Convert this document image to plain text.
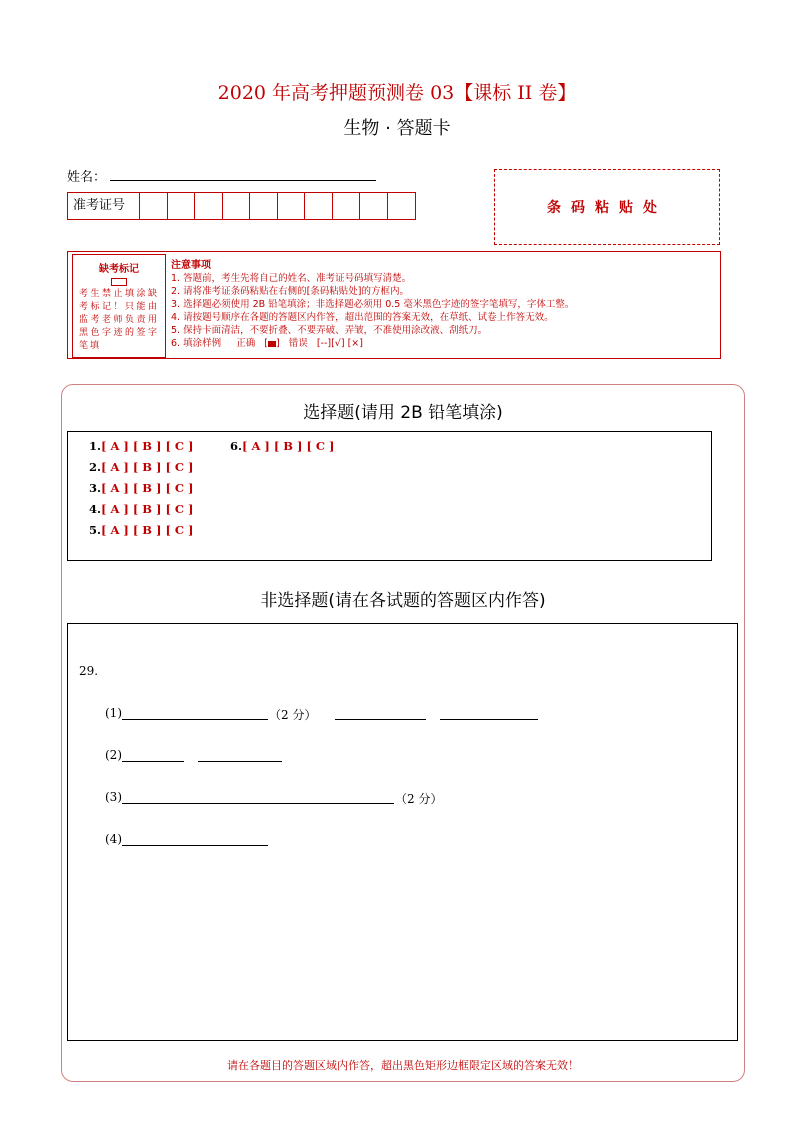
2020 年高考押题预测卷 03【课标 II 卷】
生物 · 答题卡
姓名：
准考证号	条码粘贴处
缺考标记
考生禁止填涂缺考标记！只能由监考老师负责用黑色字迹的签字笔填
注意事项
1. 答题前，考生先将自己的姓名、准考证号码填写清楚。
2. 请将准考证条码粘贴在右侧的[条码粘贴处]的方框内。
3. 选择题必须使用 2B 铅笔填涂；非选择题必须用 0.5 毫米黑色字迹的签字笔填写，字体工整。
4. 请按题号顺序在各题的答题区内作答，超出范围的答案无效，在草纸、试卷上作答无效。
5. 保持卡面清洁，不要折叠、不要弄破、弄皱，不准使用涂改液、刮纸刀。
6. 填涂样例 正确   [ ]   错误 [--][√] [×]
选择题(请用 2B 铅笔填涂)
1.[ A ] [ B ] [ C ]
2.[ A ] [ B ] [ C ]
3.[ A ] [ B ] [ C ]
4.[ A ] [ B ] [ C ]
5.[ A ] [ B ] [ C ]
6.[ A ] [ B ] [ C ]
非选择题(请在各试题的答题区内作答)
29.
(1)	（2 分）
(2)
(3)	（2 分）
(4)
请在各题目的答题区域内作答，超出黑色矩形边框限定区域的答案无效！
